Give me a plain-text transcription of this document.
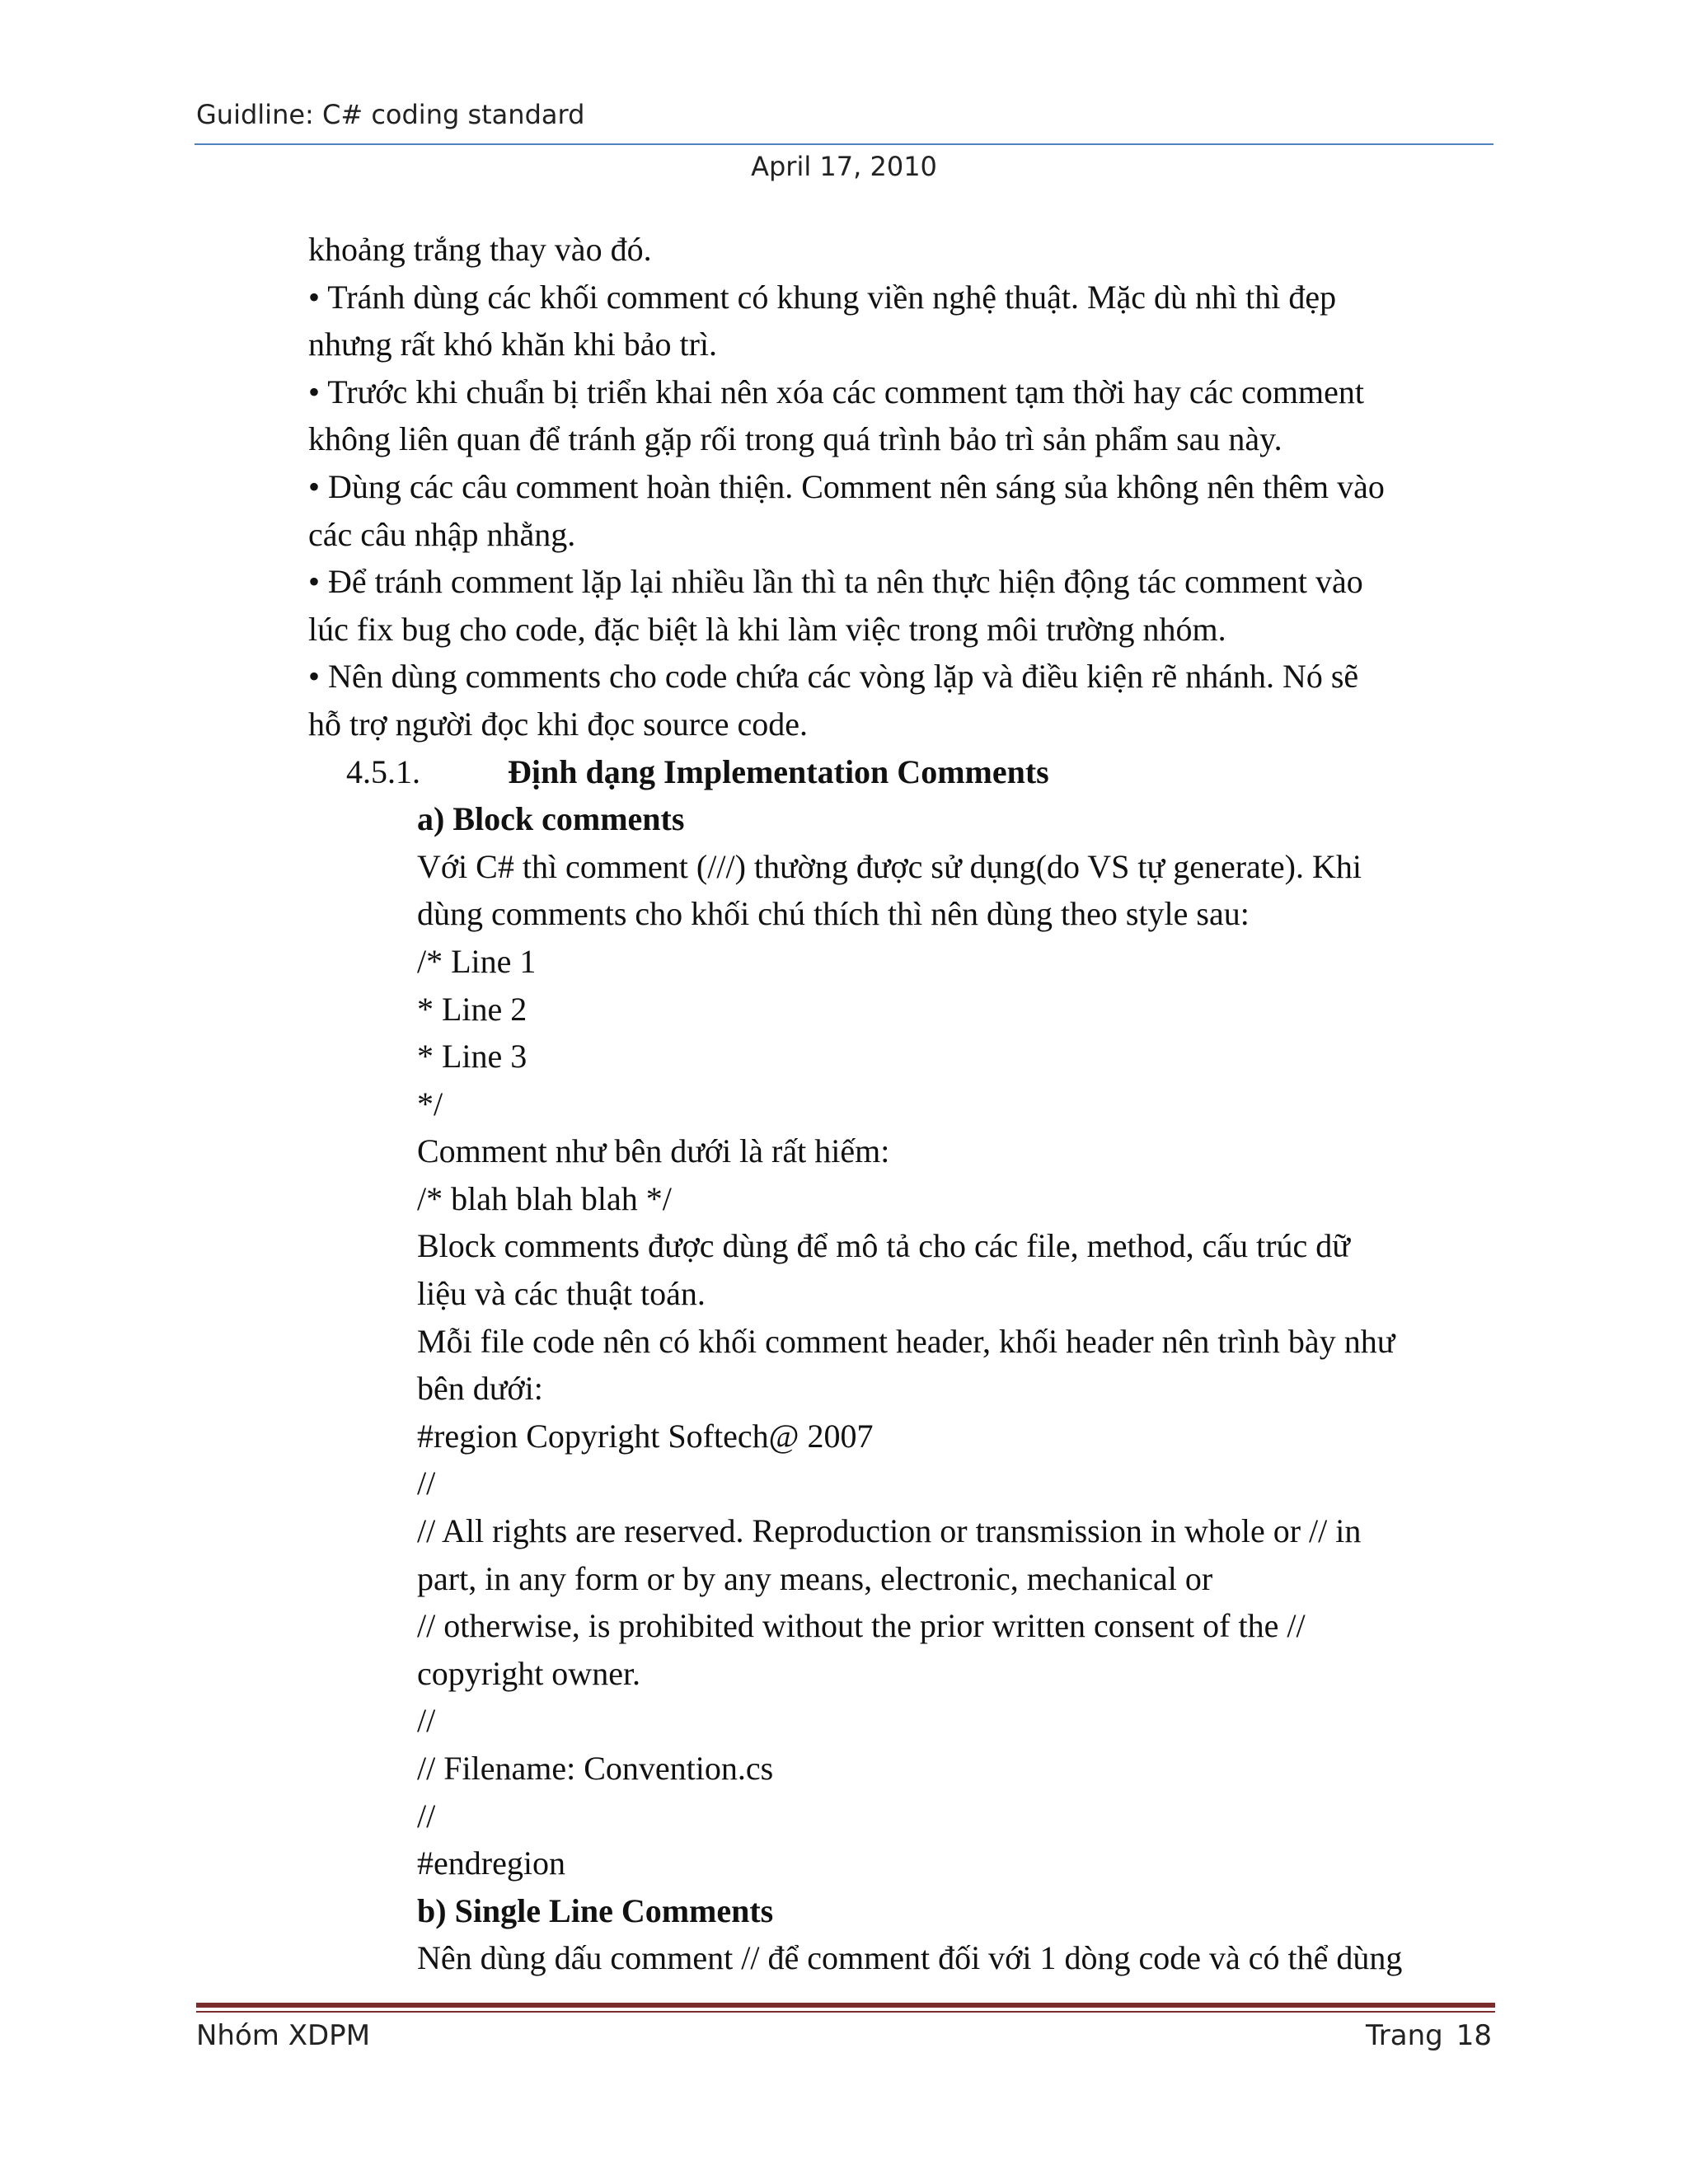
Guidline: C# coding standard
April 17, 2010
khoảng trắng thay vào đó.
• Tránh dùng các khối comment có khung viền nghệ thuật. Mặc dù nhì thì đẹp
nhưng rất khó khăn khi bảo trì.
• Trước khi chuẩn bị triển khai nên xóa các comment tạm thời hay các comment
không liên quan để tránh gặp rối trong quá trình bảo trì sản phẩm sau này.
• Dùng các câu comment hoàn thiện. Comment nên sáng sủa không nên thêm vào
các câu nhập nhằng.
• Để tránh comment lặp lại nhiều lần thì ta nên thực hiện động tác comment vào
lúc fix bug cho code, đặc biệt là khi làm việc trong môi trường nhóm.
• Nên dùng comments cho code chứa các vòng lặp và điều kiện rẽ nhánh. Nó sẽ
hỗ trợ người đọc khi đọc source code.
4.5.1.	Định dạng Implementation Comments
a) Block comments
Với C# thì comment (///) thường được sử dụng(do VS tự generate). Khi
dùng comments cho khối chú thích thì nên dùng theo style sau:
/* Line 1
* Line 2
* Line 3
*/
Comment như bên dưới là rất hiếm:
/* blah blah blah */
Block comments được dùng để mô tả cho các file, method, cấu trúc dữ
liệu và các thuật toán.
Mỗi file code nên có khối comment header, khối header nên trình bày như
bên dưới:
#region Copyright Softech@ 2007
//
// All rights are reserved. Reproduction or transmission in whole or // in
part, in any form or by any means, electronic, mechanical or
// otherwise, is prohibited without the prior written consent of the //
copyright owner.
//
// Filename: Convention.cs
//
#endregion
b) Single Line Comments
Nên dùng dấu comment // để comment đối với 1 dòng code và có thể dùng
Nhóm XDPM	Trang 18
